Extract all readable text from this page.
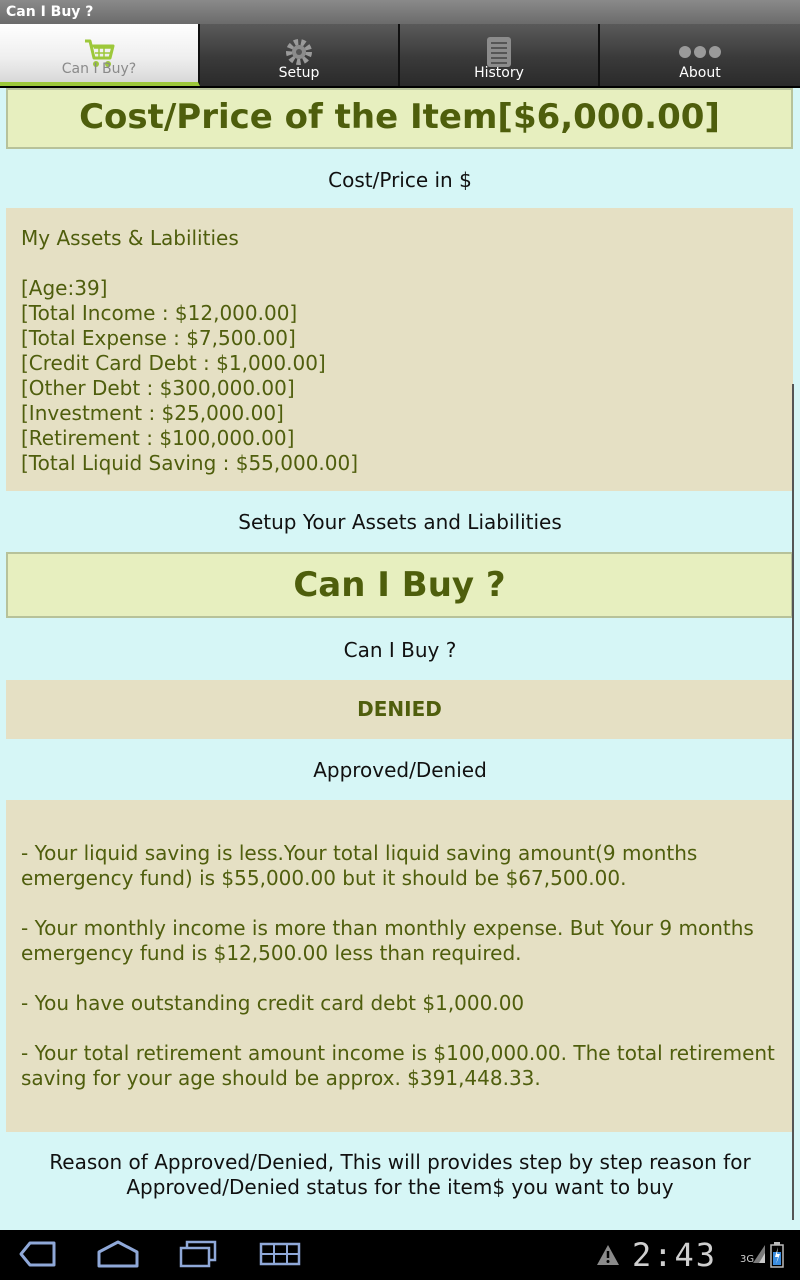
Can I Buy ?
Can I Buy?	Setup	History	About
Cost/Price of the Item[$6,000.00]
Cost/Price in $
My Assets & Labilities

[Age:39]
[Total Income : $12,000.00]
[Total Expense : $7,500.00]
[Credit Card Debt : $1,000.00]
[Other Debt : $300,000.00]
[Investment : $25,000.00]
[Retirement : $100,000.00]
[Total Liquid Saving : $55,000.00]
Setup Your Assets and Liabilities
Can I Buy ?
Can I Buy ?
DENIED
Approved/Denied
- Your liquid saving is less.Your total liquid saving amount(9 months
emergency fund) is $55,000.00 but it should be $67,500.00.

- Your monthly income is more than monthly expense. But Your 9 months
emergency fund is $12,500.00 less than required.

- You have outstanding credit card debt $1,000.00

- Your total retirement amount income is $100,000.00. The total retirement
saving for your age should be approx. $391,448.33.
Reason of Approved/Denied, This will provides step by step reason for
Approved/Denied status for the item$ you want to buy
2:43 3G
